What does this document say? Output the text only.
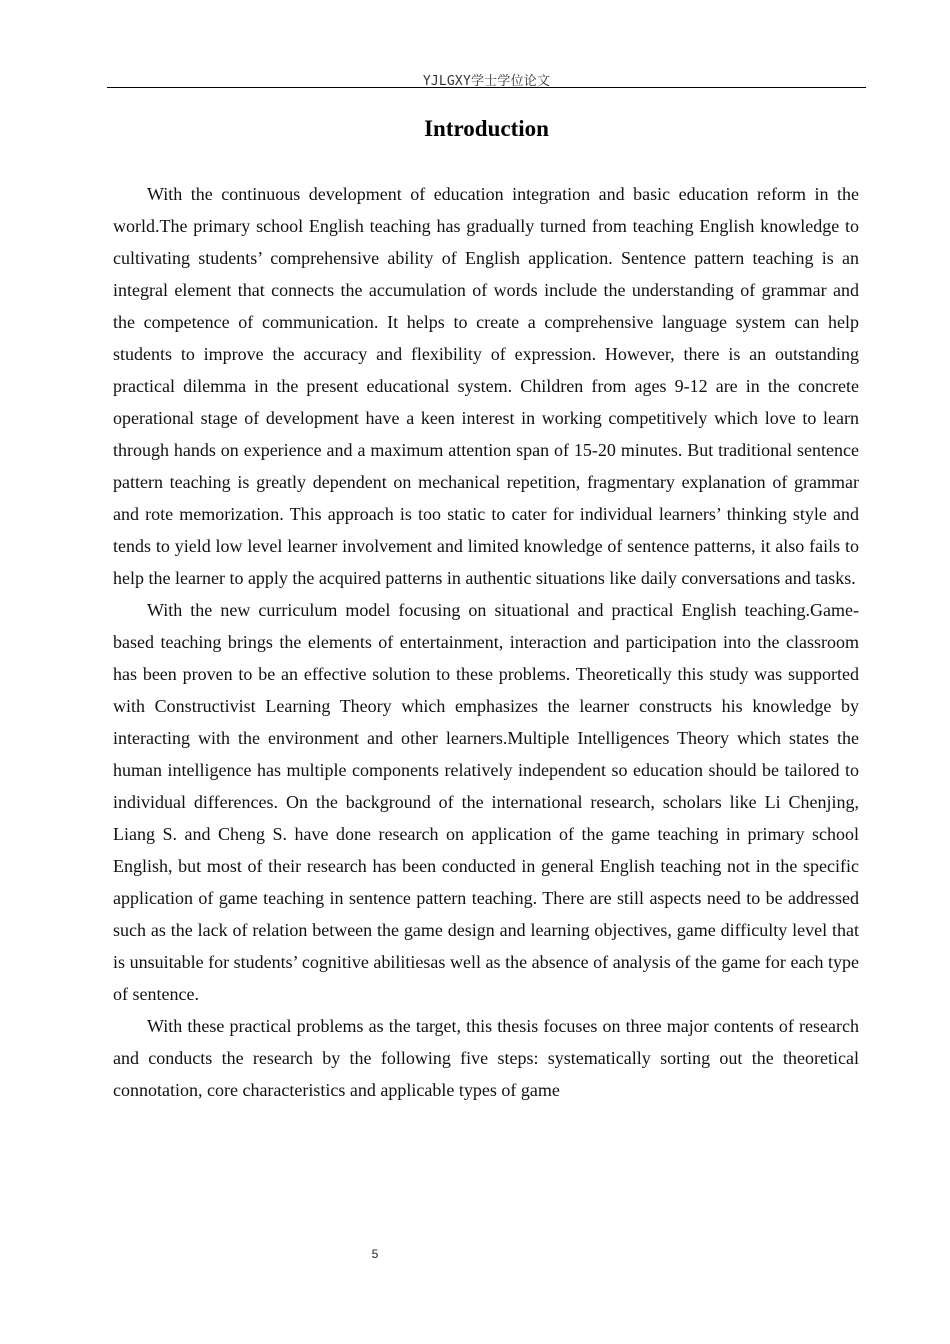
YJLGXY学士学位论文
Introduction

With the continuous development of education integration and basic education reform in the world.The primary school English teaching has gradually turned from teaching English knowledge to cultivating students’ comprehensive ability of English application. Sentence pattern teaching is an integral element that connects the accumulation of words include the understanding of grammar and the competence of communication. It helps to create a comprehensive language system can help students to improve the accuracy and flexibility of expression. However, there is an outstanding practical dilemma in the present educational system. Children from ages 9-12 are in the concrete operational stage of development have a keen interest in working competitively which love to learn through hands on experience and a maximum attention span of 15-20 minutes. But traditional sentence pattern teaching is greatly dependent on mechanical repetition, fragmentary explanation of grammar and rote memorization. This approach is too static to cater for individual learners’ thinking style and tends to yield low level learner involvement and limited knowledge of sentence patterns, it also fails to help the learner to apply the acquired patterns in authentic situations like daily conversations and tasks.

With the new curriculum model focusing on situational and practical English teaching.Game-based teaching brings the elements of entertainment, interaction and participation into the classroom has been proven to be an effective solution to these problems. Theoretically this study was supported with Constructivist Learning Theory which emphasizes the learner constructs his knowledge by interacting with the environment and other learners.Multiple Intelligences Theory which states the human intelligence has multiple components relatively independent so education should be tailored to individual differences. On the background of the international research, scholars like Li Chenjing, Liang S. and Cheng S. have done research on application of the game teaching in primary school English, but most of their research has been conducted in general English teaching not in the specific application of game teaching in sentence pattern teaching. There are still aspects need to be addressed such as the lack of relation between the game design and learning objectives, game difficulty level that is unsuitable for students’ cognitive abilitiesas well as the absence of analysis of the game for each type of sentence.

With these practical problems as the target, this thesis focuses on three major contents of research and conducts the research by the following five steps: systematically sorting out the theoretical connotation, core characteristics and applicable types of game

5
